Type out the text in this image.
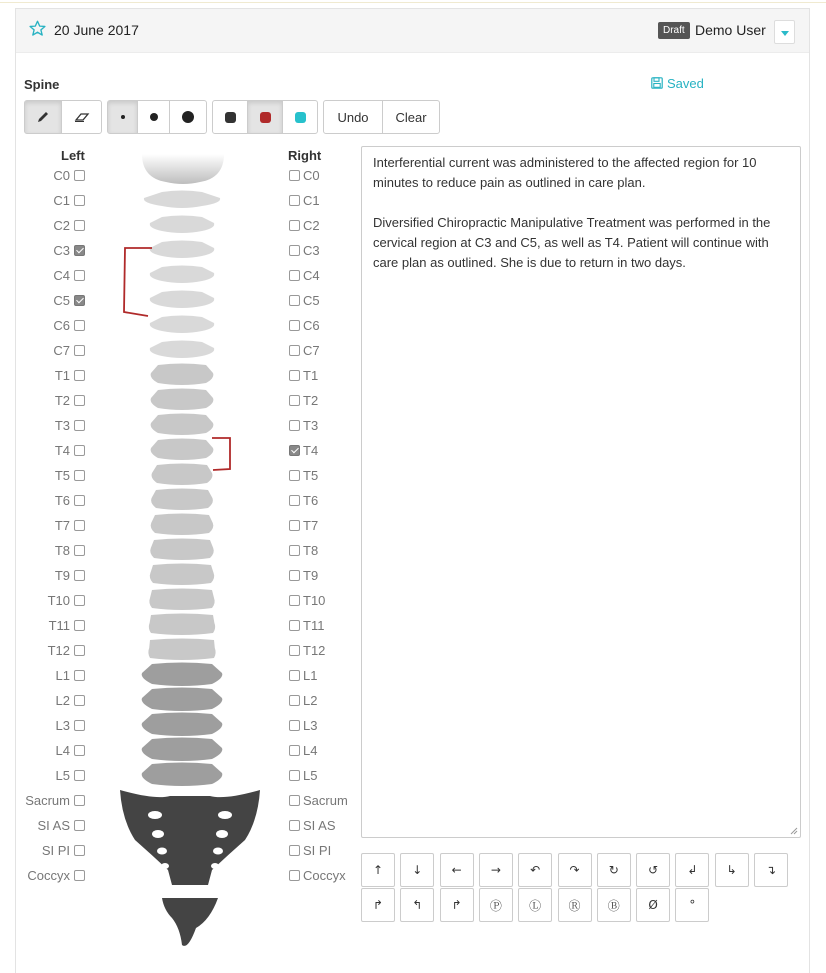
20 June 2017	Draft Demo User
Spine	Saved
Undo	Clear
Left	Right
C0	C0
C1	C1
C2	C2
C3	C3
C4	C4
C5	C5
C6	C6
C7	C7
T1	T1
T2	T2
T3	T3
T4	T4
T5	T5
T6	T6
T7	T7
T8	T8
T9	T9
T10	T10
T11	T11
T12	T12
L1	L1
L2	L2
L3	L3
L4	L4
L5	L5
Sacrum	Sacrum
SI AS	SI AS
SI PI	SI PI
Coccyx	Coccyx

Interferential current was administered to the affected region for 10 minutes to reduce pain as outlined in care plan.

Diversified Chiropractic Manipulative Treatment was performed in the cervical region at C3 and C5, as well as T4. Patient will continue with care plan as outlined. She is due to return in two days.

↑	↓	←	→	↶	↷	↻	↺	↲	↳	↴
↱	↰	↱	Ⓟ	Ⓛ	Ⓡ	Ⓑ	Ø	°
